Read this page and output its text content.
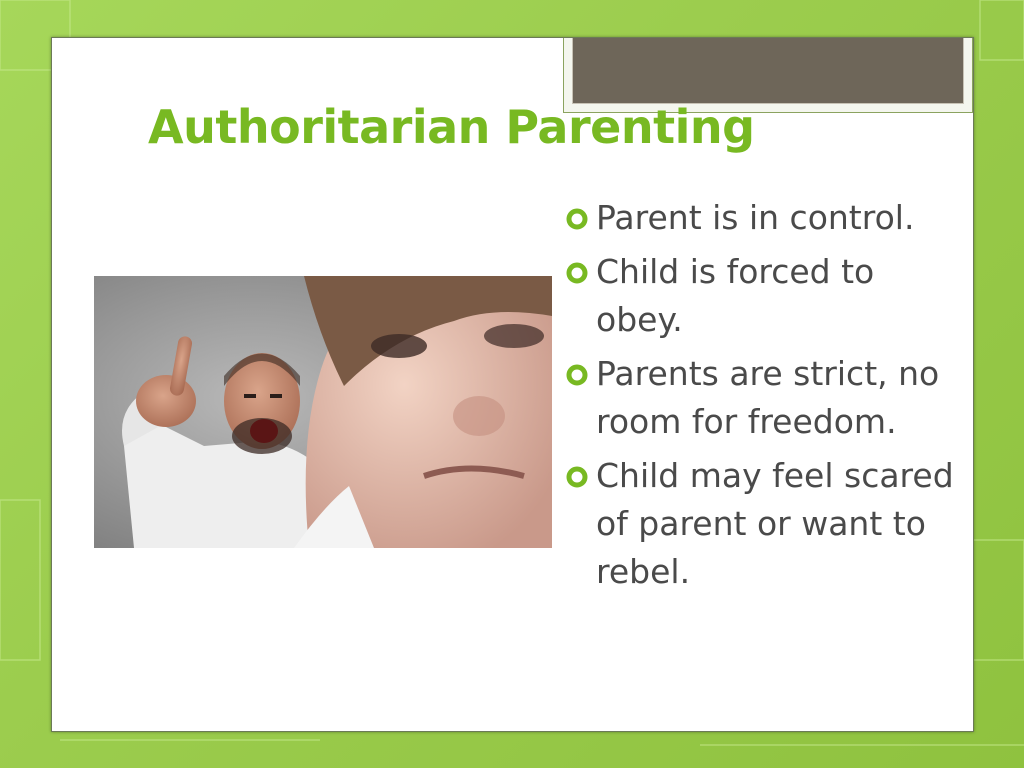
Authoritarian Parenting
Parent is in control.
Child is forced to obey.
Parents are strict, no room for freedom.
Child may feel scared of parent or want to rebel.
